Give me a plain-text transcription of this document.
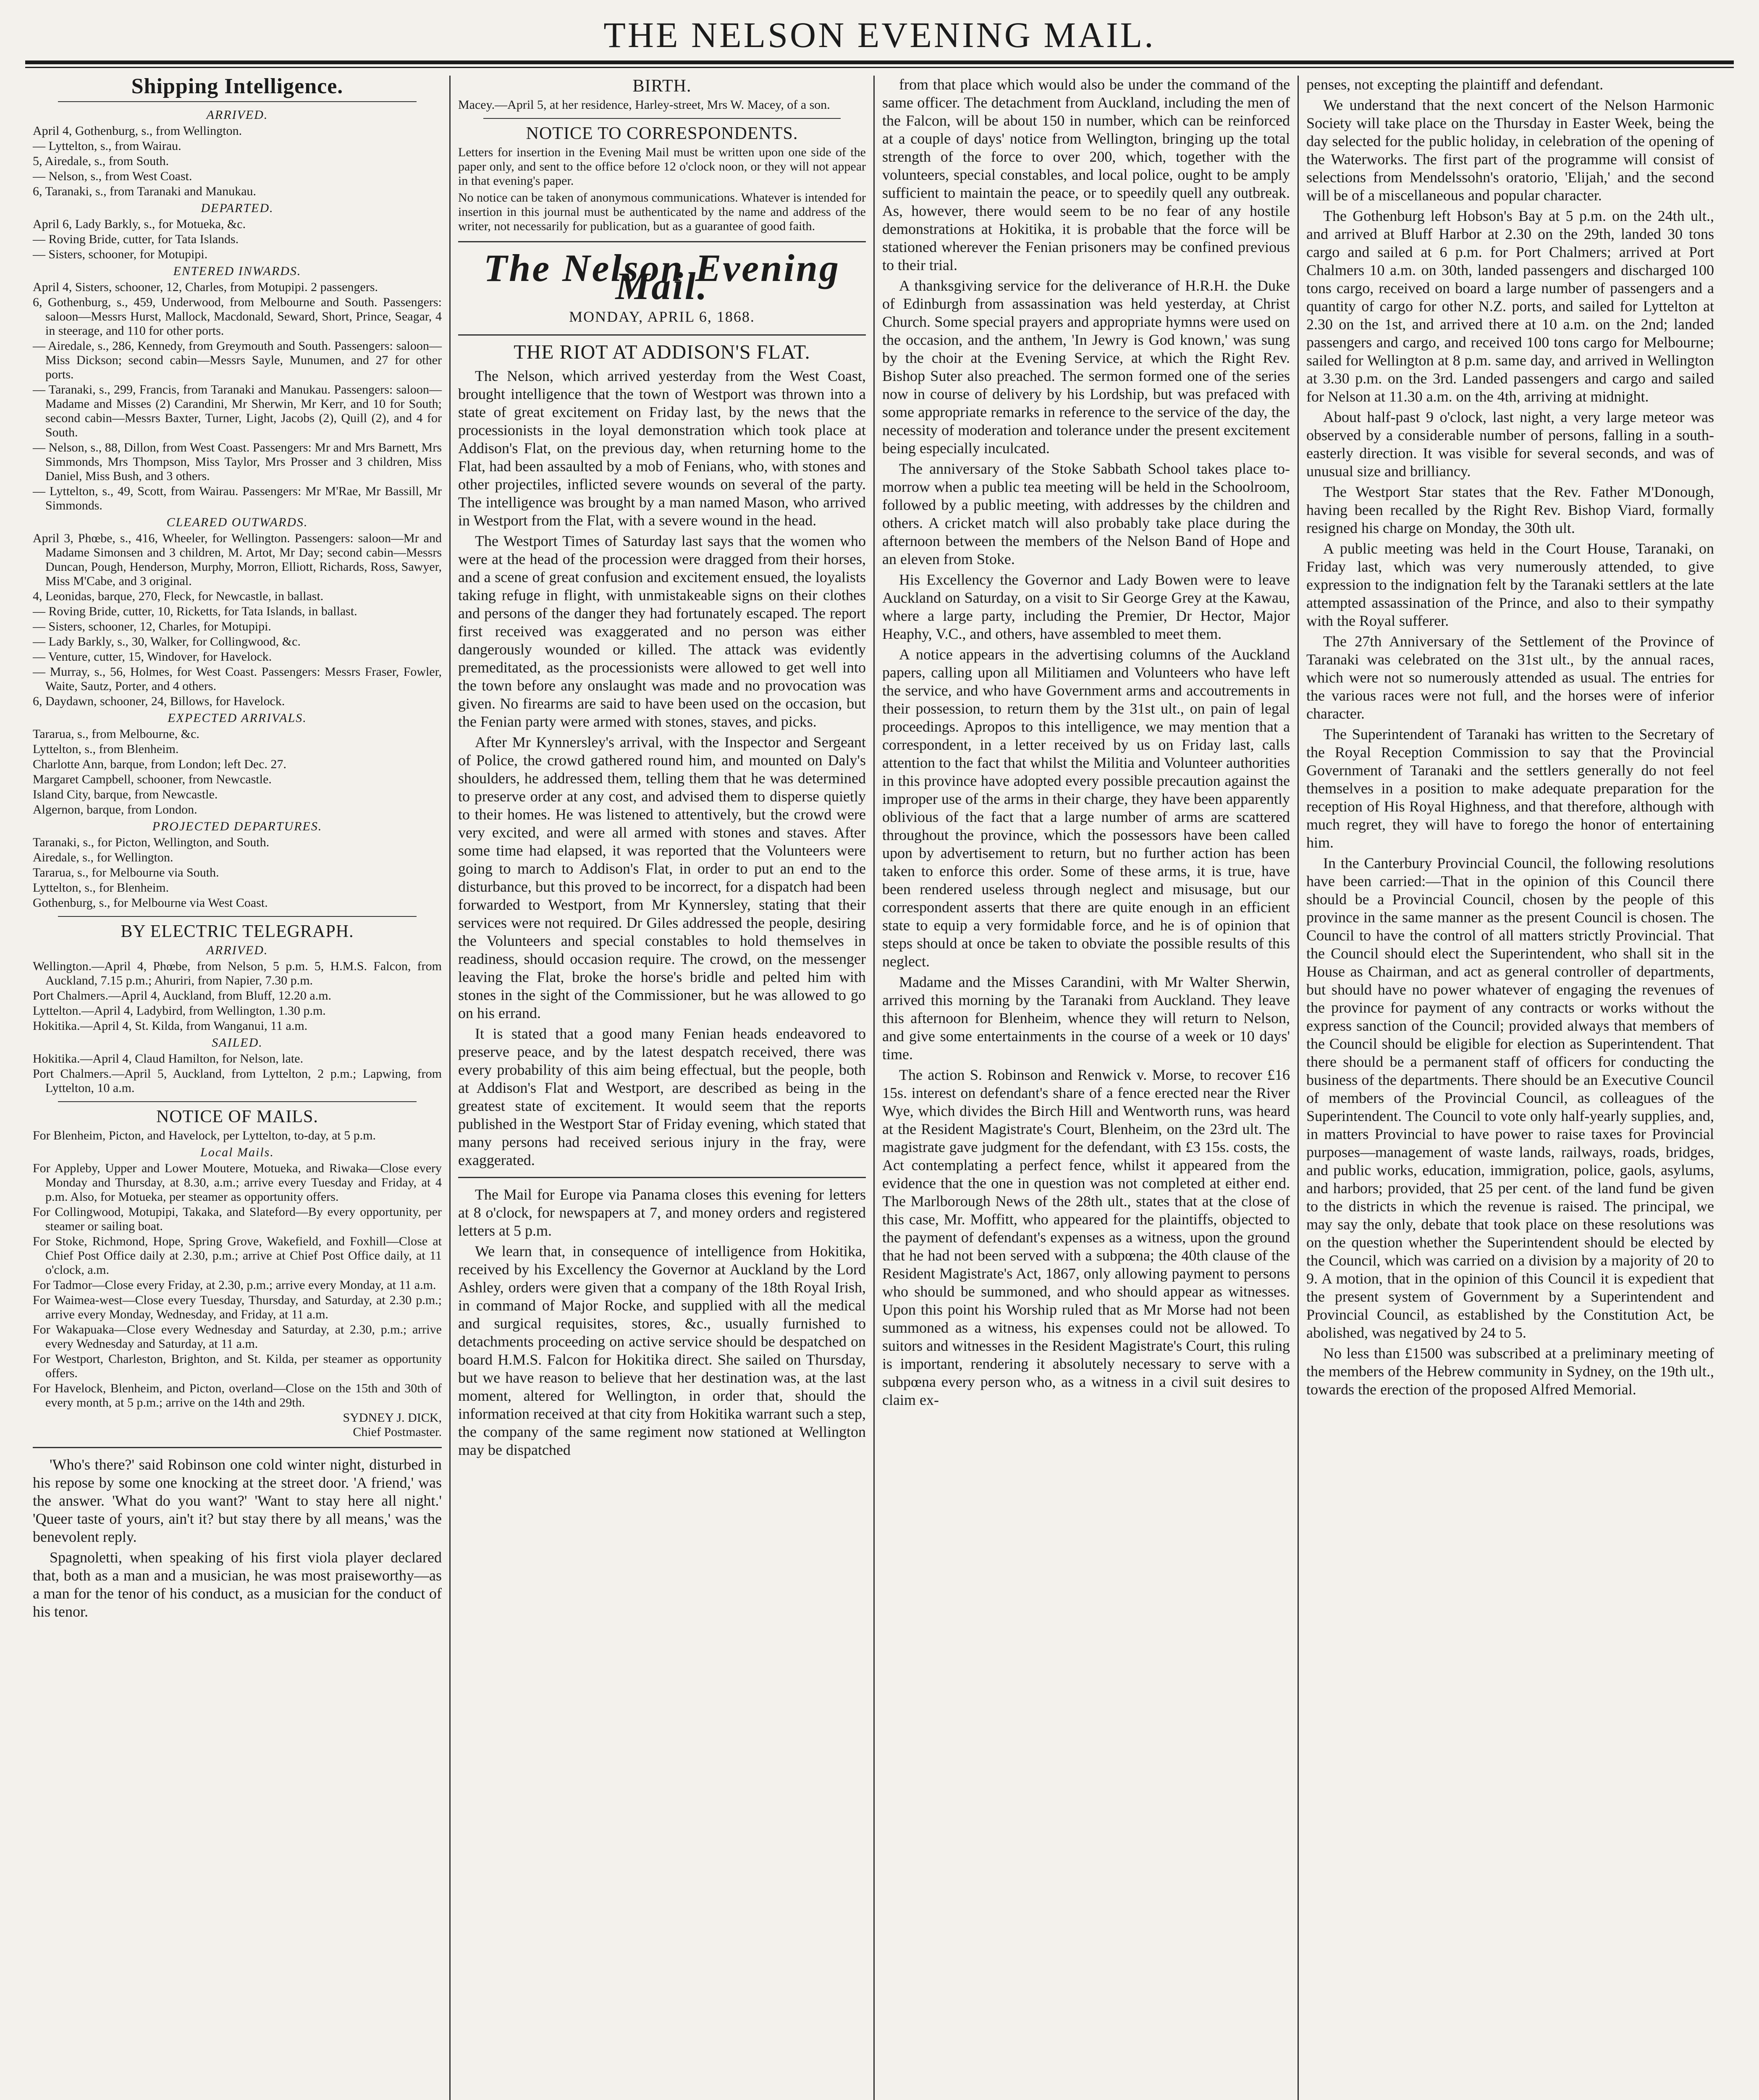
THE NELSON EVENING MAIL.
Shipping Intelligence.
ARRIVED.

April 4, Gothenburg, s., from Wellington.

— Lyttelton, s., from Wairau.

5, Airedale, s., from South.

— Nelson, s., from West Coast.

6, Taranaki, s., from Taranaki and Manukau.

DEPARTED.

April 6, Lady Barkly, s., for Motueka, &c.

— Roving Bride, cutter, for Tata Islands.

— Sisters, schooner, for Motupipi.

ENTERED INWARDS.

April 4, Sisters, schooner, 12, Charles, from Motupipi. 2 passengers.

6, Gothenburg, s., 459, Underwood, from Melbourne and South. Passengers: saloon—Messrs Hurst, Mallock, Macdonald, Seward, Short, Prince, Seagar, 4 in steerage, and 110 for other ports.

— Airedale, s., 286, Kennedy, from Greymouth and South. Passengers: saloon—Miss Dickson; second cabin—Messrs Sayle, Munumen, and 27 for other ports.

— Taranaki, s., 299, Francis, from Taranaki and Manukau. Passengers: saloon—Madame and Misses (2) Carandini, Mr Sherwin, Mr Kerr, and 10 for South; second cabin—Messrs Baxter, Turner, Light, Jacobs (2), Quill (2), and 4 for South.

— Nelson, s., 88, Dillon, from West Coast. Passengers: Mr and Mrs Barnett, Mrs Simmonds, Mrs Thompson, Miss Taylor, Mrs Prosser and 3 children, Miss Daniel, Miss Bush, and 3 others.

— Lyttelton, s., 49, Scott, from Wairau. Passengers: Mr M'Rae, Mr Bassill, Mr Simmonds.

CLEARED OUTWARDS.

April 3, Phœbe, s., 416, Wheeler, for Wellington. Passengers: saloon—Mr and Madame Simonsen and 3 children, M. Artot, Mr Day; second cabin—Messrs Duncan, Pough, Henderson, Murphy, Morron, Elliott, Richards, Ross, Sawyer, Miss M'Cabe, and 3 original.

4, Leonidas, barque, 270, Fleck, for Newcastle, in ballast.

— Roving Bride, cutter, 10, Ricketts, for Tata Islands, in ballast.

— Sisters, schooner, 12, Charles, for Motupipi.

— Lady Barkly, s., 30, Walker, for Collingwood, &c.

— Venture, cutter, 15, Windover, for Havelock.

— Murray, s., 56, Holmes, for West Coast. Passengers: Messrs Fraser, Fowler, Waite, Sautz, Porter, and 4 others.

6, Daydawn, schooner, 24, Billows, for Havelock.

EXPECTED ARRIVALS.

Tararua, s., from Melbourne, &c.

Lyttelton, s., from Blenheim.

Charlotte Ann, barque, from London; left Dec. 27.

Margaret Campbell, schooner, from Newcastle.

Island City, barque, from Newcastle.

Algernon, barque, from London.

PROJECTED DEPARTURES.

Taranaki, s., for Picton, Wellington, and South.

Airedale, s., for Wellington.

Tararua, s., for Melbourne via South.

Lyttelton, s., for Blenheim.

Gothenburg, s., for Melbourne via West Coast.

BY ELECTRIC TELEGRAPH.
ARRIVED.

Wellington.—April 4, Phœbe, from Nelson, 5 p.m. 5, H.M.S. Falcon, from Auckland, 7.15 p.m.; Ahuriri, from Napier, 7.30 p.m.

Port Chalmers.—April 4, Auckland, from Bluff, 12.20 a.m.

Lyttelton.—April 4, Ladybird, from Wellington, 1.30 p.m.

Hokitika.—April 4, St. Kilda, from Wanganui, 11 a.m.

SAILED.

Hokitika.—April 4, Claud Hamilton, for Nelson, late.

Port Chalmers.—April 5, Auckland, from Lyttelton, 2 p.m.; Lapwing, from Lyttelton, 10 a.m.

NOTICE OF MAILS.

For Blenheim, Picton, and Havelock, per Lyttelton, to-day, at 5 p.m.

Local Mails.

For Appleby, Upper and Lower Moutere, Motueka, and Riwaka—Close every Monday and Thursday, at 8.30, a.m.; arrive every Tuesday and Friday, at 4 p.m. Also, for Motueka, per steamer as opportunity offers.

For Collingwood, Motupipi, Takaka, and Slateford—By every opportunity, per steamer or sailing boat.

For Stoke, Richmond, Hope, Spring Grove, Wakefield, and Foxhill—Close at Chief Post Office daily at 2.30, p.m.; arrive at Chief Post Office daily, at 11 o'clock, a.m.

For Tadmor—Close every Friday, at 2.30, p.m.; arrive every Monday, at 11 a.m.

For Waimea-west—Close every Tuesday, Thursday, and Saturday, at 2.30 p.m.; arrive every Monday, Wednesday, and Friday, at 11 a.m.

For Wakapuaka—Close every Wednesday and Saturday, at 2.30, p.m.; arrive every Wednesday and Saturday, at 11 a.m.

For Westport, Charleston, Brighton, and St. Kilda, per steamer as opportunity offers.

For Havelock, Blenheim, and Picton, overland—Close on the 15th and 30th of every month, at 5 p.m.; arrive on the 14th and 29th.

SYDNEY J. DICK,
Chief Postmaster.

'Who's there?' said Robinson one cold winter night, disturbed in his repose by some one knocking at the street door. 'A friend,' was the answer. 'What do you want?' 'Want to stay here all night.' 'Queer taste of yours, ain't it? but stay there by all means,' was the benevolent reply.

Spagnoletti, when speaking of his first viola player declared that, both as a man and a musician, he was most praiseworthy—as a man for the tenor of his conduct, as a musician for the conduct of his tenor.

BIRTH.

Macey.—April 5, at her residence, Harley-street, Mrs W. Macey, of a son.

NOTICE TO CORRESPONDENTS.

Letters for insertion in the Evening Mail must be written upon one side of the paper only, and sent to the office before 12 o'clock noon, or they will not appear in that evening's paper.

No notice can be taken of anonymous communications. Whatever is intended for insertion in this journal must be authenticated by the name and address of the writer, not necessarily for publication, but as a guarantee of good faith.

The Nelson Evening Mail.
MONDAY, APRIL 6, 1868.
THE RIOT AT ADDISON'S FLAT.

The Nelson, which arrived yesterday from the West Coast, brought intelligence that the town of Westport was thrown into a state of great excitement on Friday last, by the news that the processionists in the loyal demonstration which took place at Addison's Flat, on the previous day, when returning home to the Flat, had been assaulted by a mob of Fenians, who, with stones and other projectiles, inflicted severe wounds on several of the party. The intelligence was brought by a man named Mason, who arrived in Westport from the Flat, with a severe wound in the head.

The Westport Times of Saturday last says that the women who were at the head of the procession were dragged from their horses, and a scene of great confusion and excitement ensued, the loyalists taking refuge in flight, with unmistakeable signs on their clothes and persons of the danger they had fortunately escaped. The report first received was exaggerated and no person was either dangerously wounded or killed. The attack was evidently premeditated, as the processionists were allowed to get well into the town before any onslaught was made and no provocation was given. No firearms are said to have been used on the occasion, but the Fenian party were armed with stones, staves, and picks.

After Mr Kynnersley's arrival, with the Inspector and Sergeant of Police, the crowd gathered round him, and mounted on Daly's shoulders, he addressed them, telling them that he was determined to preserve order at any cost, and advised them to disperse quietly to their homes. He was listened to attentively, but the crowd were very excited, and were all armed with stones and staves. After some time had elapsed, it was reported that the Volunteers were going to march to Addison's Flat, in order to put an end to the disturbance, but this proved to be incorrect, for a dispatch had been forwarded to Westport, from Mr Kynnersley, stating that their services were not required. Dr Giles addressed the people, desiring the Volunteers and special constables to hold themselves in readiness, should occasion require. The crowd, on the messenger leaving the Flat, broke the horse's bridle and pelted him with stones in the sight of the Commissioner, but he was allowed to go on his errand.

It is stated that a good many Fenian heads endeavored to preserve peace, and by the latest despatch received, there was every probability of this aim being effectual, but the people, both at Addison's Flat and Westport, are described as being in the greatest state of excitement. It would seem that the reports published in the Westport Star of Friday evening, which stated that many persons had received serious injury in the fray, were exaggerated.

The Mail for Europe via Panama closes this evening for letters at 8 o'clock, for newspapers at 7, and money orders and registered letters at 5 p.m.

We learn that, in consequence of intelligence from Hokitika, received by his Excellency the Governor at Auckland by the Lord Ashley, orders were given that a company of the 18th Royal Irish, in command of Major Rocke, and supplied with all the medical and surgical requisites, stores, &c., usually furnished to detachments proceeding on active service should be despatched on board H.M.S. Falcon for Hokitika direct. She sailed on Thursday, but we have reason to believe that her destination was, at the last moment, altered for Wellington, in order that, should the information received at that city from Hokitika warrant such a step, the company of the same regiment now stationed at Wellington may be dispatched

from that place which would also be under the command of the same officer. The detachment from Auckland, including the men of the Falcon, will be about 150 in number, which can be reinforced at a couple of days' notice from Wellington, bringing up the total strength of the force to over 200, which, together with the volunteers, special constables, and local police, ought to be amply sufficient to maintain the peace, or to speedily quell any outbreak. As, however, there would seem to be no fear of any hostile demonstrations at Hokitika, it is probable that the force will be stationed wherever the Fenian prisoners may be confined previous to their trial.

A thanksgiving service for the deliverance of H.R.H. the Duke of Edinburgh from assassination was held yesterday, at Christ Church. Some special prayers and appropriate hymns were used on the occasion, and the anthem, 'In Jewry is God known,' was sung by the choir at the Evening Service, at which the Right Rev. Bishop Suter also preached. The sermon formed one of the series now in course of delivery by his Lordship, but was prefaced with some appropriate remarks in reference to the service of the day, the necessity of moderation and tolerance under the present excitement being especially inculcated.

The anniversary of the Stoke Sabbath School takes place to-morrow when a public tea meeting will be held in the Schoolroom, followed by a public meeting, with addresses by the children and others. A cricket match will also probably take place during the afternoon between the members of the Nelson Band of Hope and an eleven from Stoke.

His Excellency the Governor and Lady Bowen were to leave Auckland on Saturday, on a visit to Sir George Grey at the Kawau, where a large party, including the Premier, Dr Hector, Major Heaphy, V.C., and others, have assembled to meet them.

A notice appears in the advertising columns of the Auckland papers, calling upon all Militiamen and Volunteers who have left the service, and who have Government arms and accoutrements in their possession, to return them by the 31st ult., on pain of legal proceedings. Apropos to this intelligence, we may mention that a correspondent, in a letter received by us on Friday last, calls attention to the fact that whilst the Militia and Volunteer authorities in this province have adopted every possible precaution against the improper use of the arms in their charge, they have been apparently oblivious of the fact that a large number of arms are scattered throughout the province, which the possessors have been called upon by advertisement to return, but no further action has been taken to enforce this order. Some of these arms, it is true, have been rendered useless through neglect and misusage, but our correspondent asserts that there are quite enough in an efficient state to equip a very formidable force, and he is of opinion that steps should at once be taken to obviate the possible results of this neglect.

Madame and the Misses Carandini, with Mr Walter Sherwin, arrived this morning by the Taranaki from Auckland. They leave this afternoon for Blenheim, whence they will return to Nelson, and give some entertainments in the course of a week or 10 days' time.

The action S. Robinson and Renwick v. Morse, to recover £16 15s. interest on defendant's share of a fence erected near the River Wye, which divides the Birch Hill and Wentworth runs, was heard at the Resident Magistrate's Court, Blenheim, on the 23rd ult. The magistrate gave judgment for the defendant, with £3 15s. costs, the Act contemplating a perfect fence, whilst it appeared from the evidence that the one in question was not completed at either end. The Marlborough News of the 28th ult., states that at the close of this case, Mr. Moffitt, who appeared for the plaintiffs, objected to the payment of defendant's expenses as a witness, upon the ground that he had not been served with a subpœna; the 40th clause of the Resident Magistrate's Act, 1867, only allowing payment to persons who should be summoned, and who should appear as witnesses. Upon this point his Worship ruled that as Mr Morse had not been summoned as a witness, his expenses could not be allowed. To suitors and witnesses in the Resident Magistrate's Court, this ruling is important, rendering it absolutely necessary to serve with a subpœna every person who, as a witness in a civil suit desires to claim ex-

penses, not excepting the plaintiff and defendant.

We understand that the next concert of the Nelson Harmonic Society will take place on the Thursday in Easter Week, being the day selected for the public holiday, in celebration of the opening of the Waterworks. The first part of the programme will consist of selections from Mendelssohn's oratorio, 'Elijah,' and the second will be of a miscellaneous and popular character.

The Gothenburg left Hobson's Bay at 5 p.m. on the 24th ult., and arrived at Bluff Harbor at 2.30 on the 29th, landed 30 tons cargo and sailed at 6 p.m. for Port Chalmers; arrived at Port Chalmers 10 a.m. on 30th, landed passengers and discharged 100 tons cargo, received on board a large number of passengers and a quantity of cargo for other N.Z. ports, and sailed for Lyttelton at 2.30 on the 1st, and arrived there at 10 a.m. on the 2nd; landed passengers and cargo, and received 100 tons cargo for Melbourne; sailed for Wellington at 8 p.m. same day, and arrived in Wellington at 3.30 p.m. on the 3rd. Landed passengers and cargo and sailed for Nelson at 11.30 a.m. on the 4th, arriving at midnight.

About half-past 9 o'clock, last night, a very large meteor was observed by a considerable number of persons, falling in a south-easterly direction. It was visible for several seconds, and was of unusual size and brilliancy.

The Westport Star states that the Rev. Father M'Donough, having been recalled by the Right Rev. Bishop Viard, formally resigned his charge on Monday, the 30th ult.

A public meeting was held in the Court House, Taranaki, on Friday last, which was very numerously attended, to give expression to the indignation felt by the Taranaki settlers at the late attempted assassination of the Prince, and also to their sympathy with the Royal sufferer.

The 27th Anniversary of the Settlement of the Province of Taranaki was celebrated on the 31st ult., by the annual races, which were not so numerously attended as usual. The entries for the various races were not full, and the horses were of inferior character.

The Superintendent of Taranaki has written to the Secretary of the Royal Reception Commission to say that the Provincial Government of Taranaki and the settlers generally do not feel themselves in a position to make adequate preparation for the reception of His Royal Highness, and that therefore, although with much regret, they will have to forego the honor of entertaining him.

In the Canterbury Provincial Council, the following resolutions have been carried:—That in the opinion of this Council there should be a Provincial Council, chosen by the people of this province in the same manner as the present Council is chosen. The Council to have the control of all matters strictly Provincial. That the Council should elect the Superintendent, who shall sit in the House as Chairman, and act as general controller of departments, but should have no power whatever of engaging the revenues of the province for payment of any contracts or works without the express sanction of the Council; provided always that members of the Council should be eligible for election as Superintendent. That there should be a permanent staff of officers for conducting the business of the departments. There should be an Executive Council of members of the Provincial Council, as colleagues of the Superintendent. The Council to vote only half-yearly supplies, and, in matters Provincial to have power to raise taxes for Provincial purposes—management of waste lands, railways, roads, bridges, and public works, education, immigration, police, gaols, asylums, and harbors; provided, that 25 per cent. of the land fund be given to the districts in which the revenue is raised. The principal, we may say the only, debate that took place on these resolutions was on the question whether the Superintendent should be elected by the Council, which was carried on a division by a majority of 20 to 9. A motion, that in the opinion of this Council it is expedient that the present system of Government by a Superintendent and Provincial Council, as established by the Constitution Act, be abolished, was negatived by 24 to 5.

No less than £1500 was subscribed at a preliminary meeting of the members of the Hebrew community in Sydney, on the 19th ult., towards the erection of the proposed Alfred Memorial.
